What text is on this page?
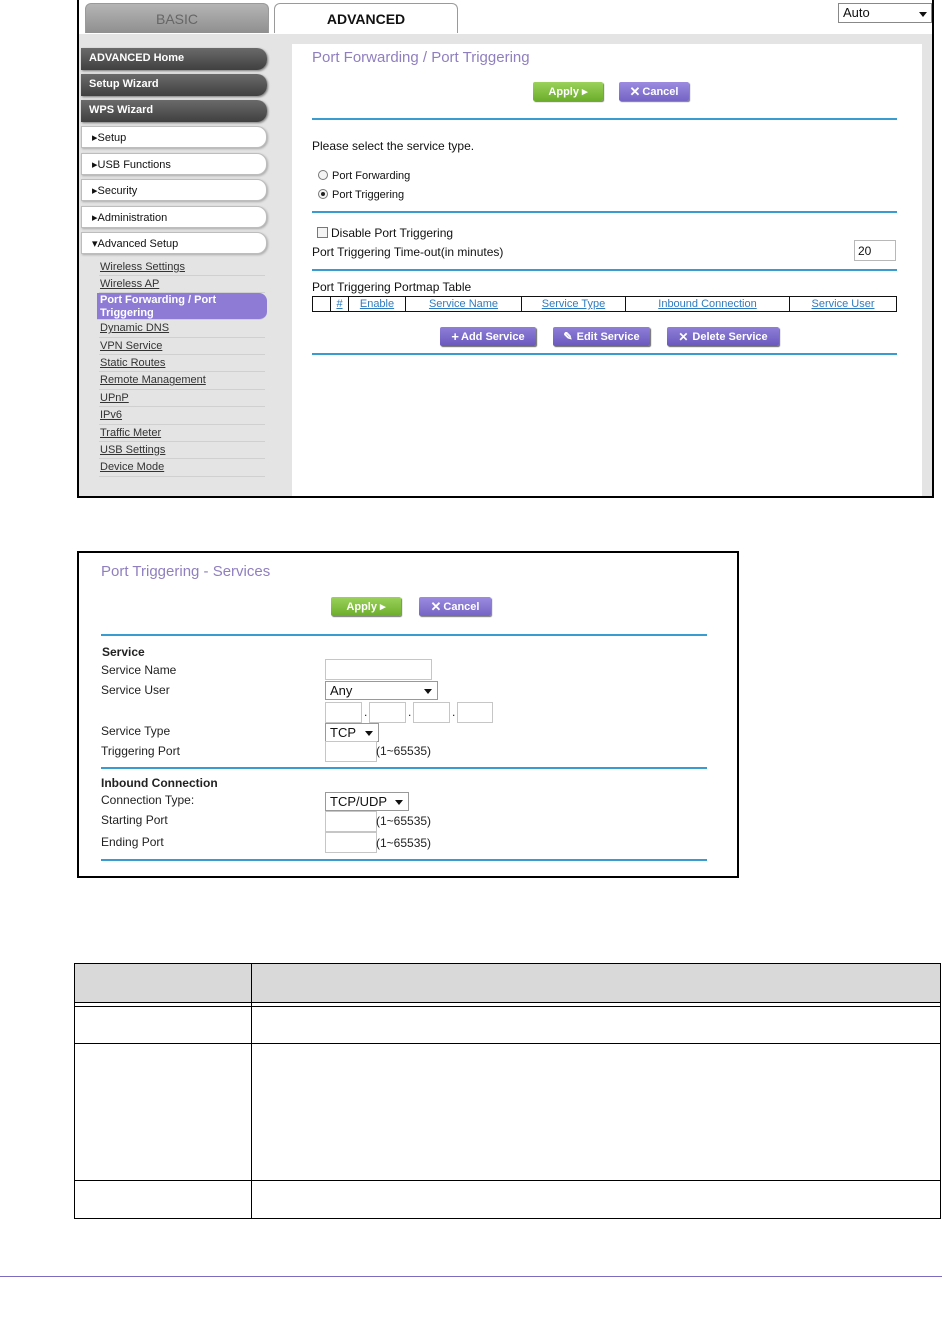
BASIC	ADVANCED	Auto
ADVANCED Home
Setup Wizard
WPS Wizard
▸Setup
▸USB Functions
▸Security
▸Administration
▾Advanced Setup
Wireless Settings
Wireless AP
Port Forwarding / Port Triggering
Dynamic DNS
VPN Service
Static Routes
Remote Management
UPnP
IPv6
Traffic Meter
USB Settings
Device Mode
Port Forwarding / Port Triggering
Apply ▸	✕ Cancel
Please select the service type.
Port Forwarding
Port Triggering
Disable Port Triggering
Port Triggering Time-out(in minutes)	20
Port Triggering Portmap Table
	#	Enable	Service Name	Service Type	Inbound Connection	Service User
+ Add Service	✎ Edit Service	✕ Delete Service
Port Triggering - Services
Apply ▸	✕ Cancel
Service
Service Name
Service User	Any
.	.	.
Service Type	TCP
Triggering Port	(1~65535)
Inbound Connection
Connection Type:	TCP/UDP
Starting Port	(1~65535)
Ending Port	(1~65535)
